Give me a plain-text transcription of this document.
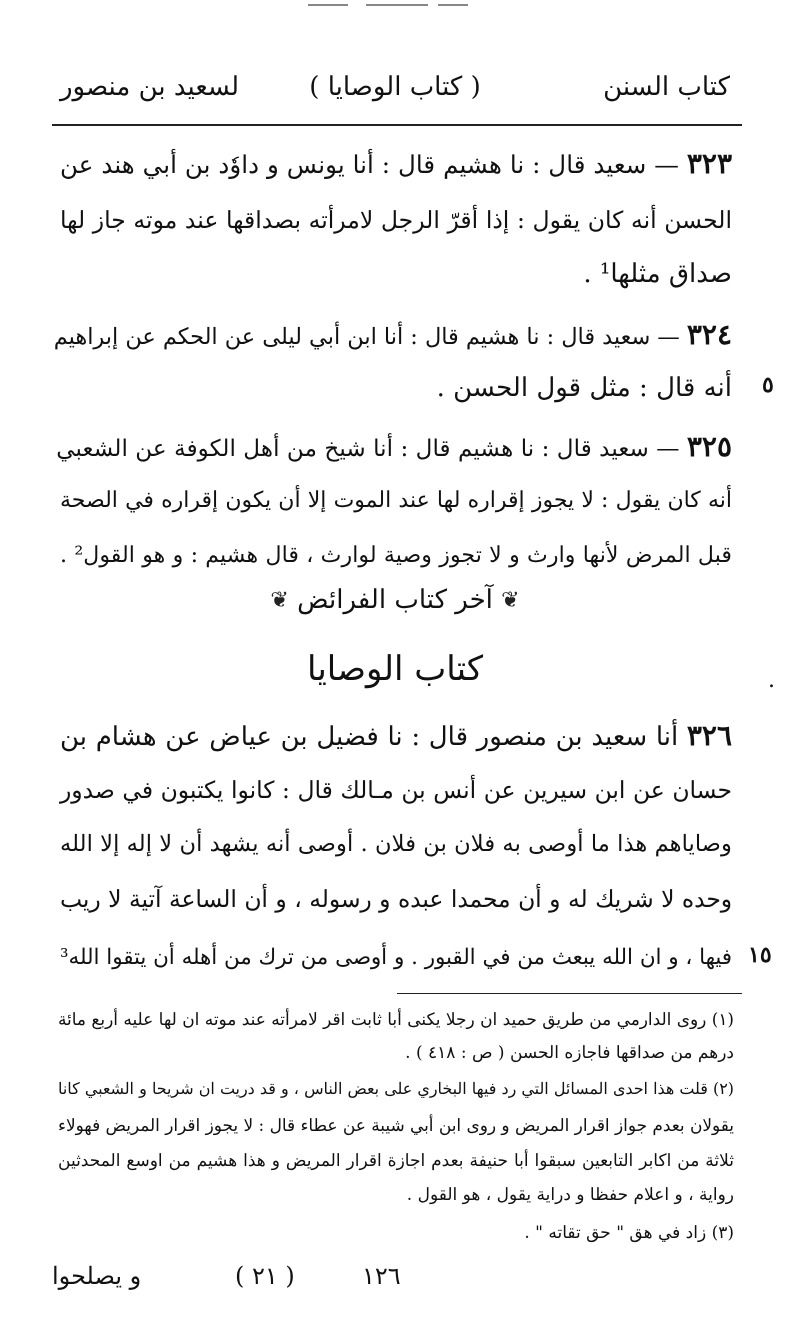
كتاب السنن
( كتاب الوصايا )
لسعيد بن منصور
٣٢٣ — سعيد قال : نا هشيم قال : أنا يونس و داوٗد بن أبي هند عن
الحسن أنه كان يقول : إذا أقرّ الرجل لامرأته بصداقها عند موته جاز لها
صداق مثلها¹ .
٣٢٤ — سعيد قال : نا هشيم قال : أنا ابن أبي ليلى عن الحكم عن إبراهيم
أنه قال : مثل قول الحسن . ٥
٣٢٥ — سعيد قال : نا هشيم قال : أنا شيخ من أهل الكوفة عن الشعبي
أنه كان يقول : لا يجوز إقراره لها عند الموت إلا أن يكون إقراره في الصحة
قبل المرض لأنها وارث و لا تجوز وصية لوارث ، قال هشيم : و هو القول² .
❦ آخر كتاب الفرائض ❦
كتاب الوصايا	.
٣٢٦ أنا سعيد بن منصور قال : نا فضيل بن عياض عن هشام بن
حسان عن ابن سيرين عن أنس بن مـالك قال : كانوا يكتبون في صدور
وصاياهم هذا ما أوصى به فلان بن فلان . أوصى أنه يشهد أن لا إله إلا الله
وحده لا شريك له و أن محمدا عبده و رسوله ، و أن الساعة آتية لا ريب
فيها ، و ان الله يبعث من في القبور . و أوصى من ترك من أهله أن يتقوا الله³ ١٥
(١) روى الدارمي من طريق حميد ان رجلا يكنى أبا ثابت اقر لامرأته عند موته ان لها عليه أربع مائة
درهم من صداقها فاجازه الحسن ( ص : ٤١٨ ) .
(٢) قلت هذا احدى المسائل التي رد فيها البخاري على بعض الناس ، و قد دريت ان شريحا و الشعبي كانا
يقولان بعدم جواز اقرار المريض و روى ابن أبي شيبة عن عطاء قال : لا يجوز اقرار المريض فهولاء
ثلاثة من اكابر التابعين سبقوا أبا حنيفة بعدم اجازة اقرار المريض و هذا هشيم من اوسع المحدثين
رواية ، و اعلام حفظا و دراية يقول ، هو القول .
(٣) زاد في هق " حق تقاته " .
و يصلحوا	( ٢١ )	١٢٦
